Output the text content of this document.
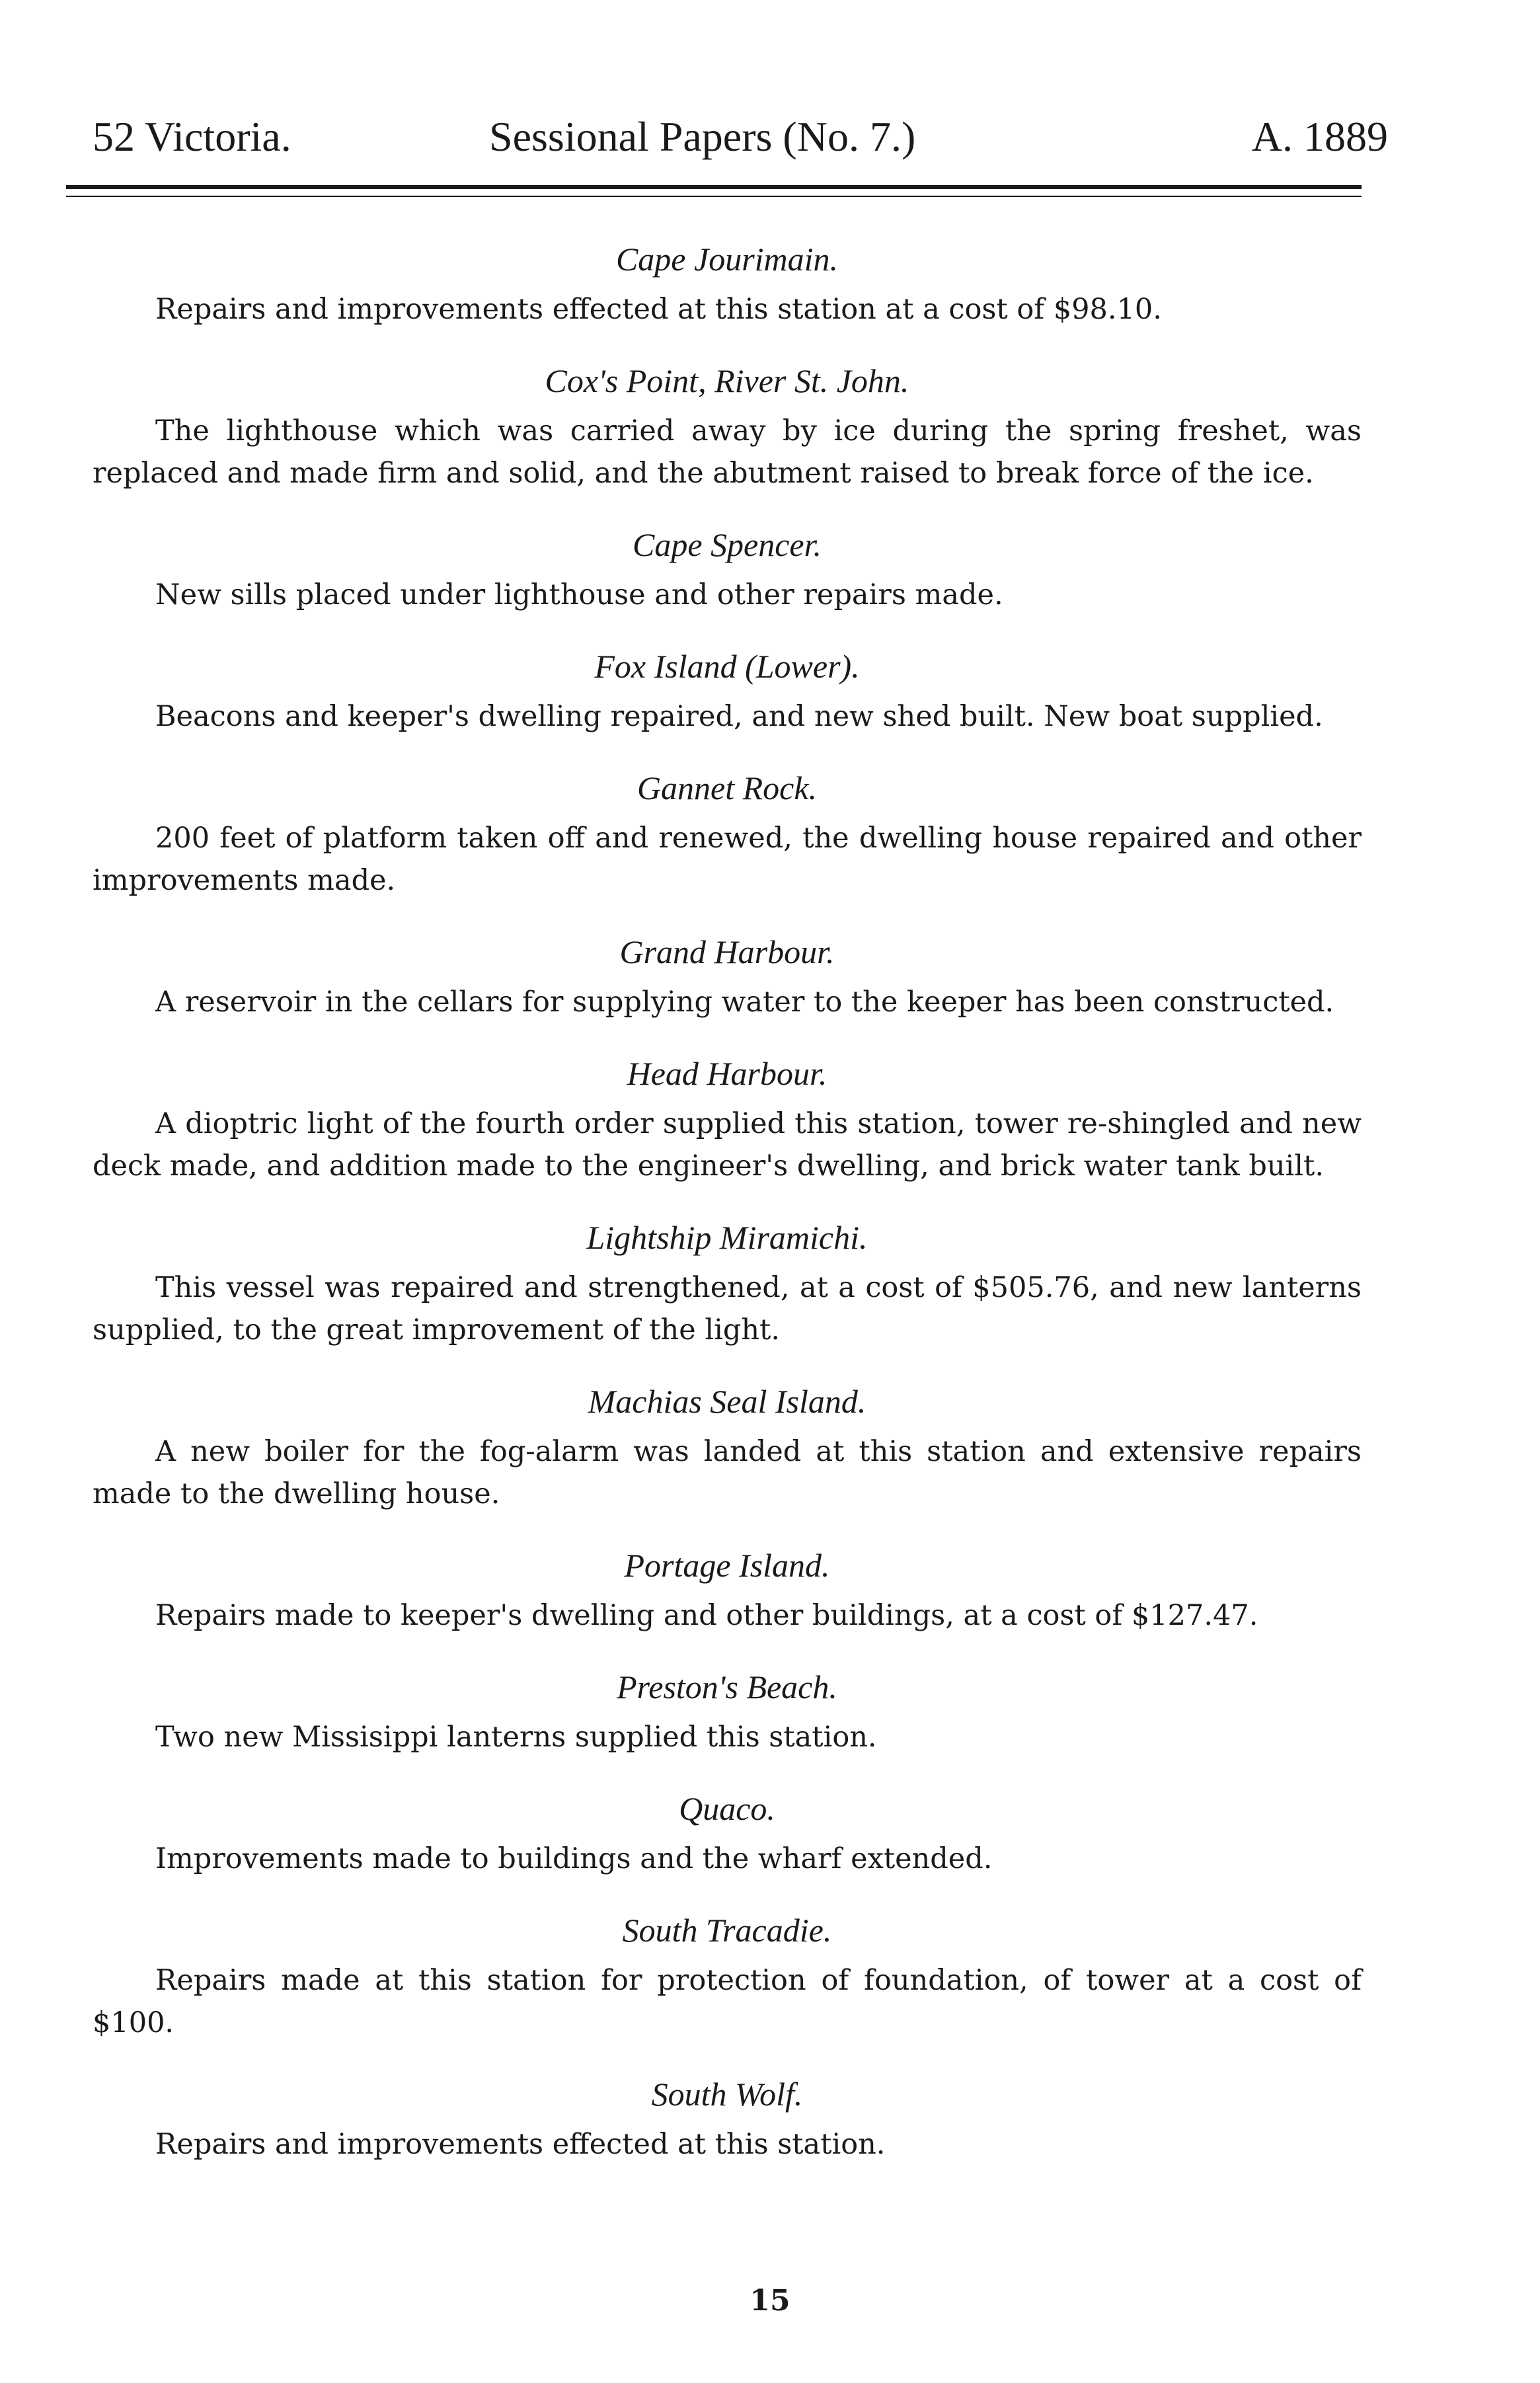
52 Victoria.	Sessional Papers (No. 7.)	A. 1889

Cape Jourimain.

Repairs and improvements effected at this station at a cost of $98.10.

Cox's Point, River St. John.

The lighthouse which was carried away by ice during the spring freshet, was replaced and made firm and solid, and the abutment raised to break force of the ice.

Cape Spencer.

New sills placed under lighthouse and other repairs made.

Fox Island (Lower).

Beacons and keeper's dwelling repaired, and new shed built. New boat supplied.

Gannet Rock.

200 feet of platform taken off and renewed, the dwelling house repaired and other improvements made.

Grand Harbour.

A reservoir in the cellars for supplying water to the keeper has been constructed.

Head Harbour.

A dioptric light of the fourth order supplied this station, tower re-shingled and new deck made, and addition made to the engineer's dwelling, and brick water tank built.

Lightship Miramichi.

This vessel was repaired and strengthened, at a cost of $505.76, and new lanterns supplied, to the great improvement of the light.

Machias Seal Island.

A new boiler for the fog-alarm was landed at this station and extensive repairs made to the dwelling house.

Portage Island.

Repairs made to keeper's dwelling and other buildings, at a cost of $127.47.

Preston's Beach.

Two new Missisippi lanterns supplied this station.

Quaco.

Improvements made to buildings and the wharf extended.

South Tracadie.

Repairs made at this station for protection of foundation, of tower at a cost of $100.

South Wolf.

Repairs and improvements effected at this station.

15
